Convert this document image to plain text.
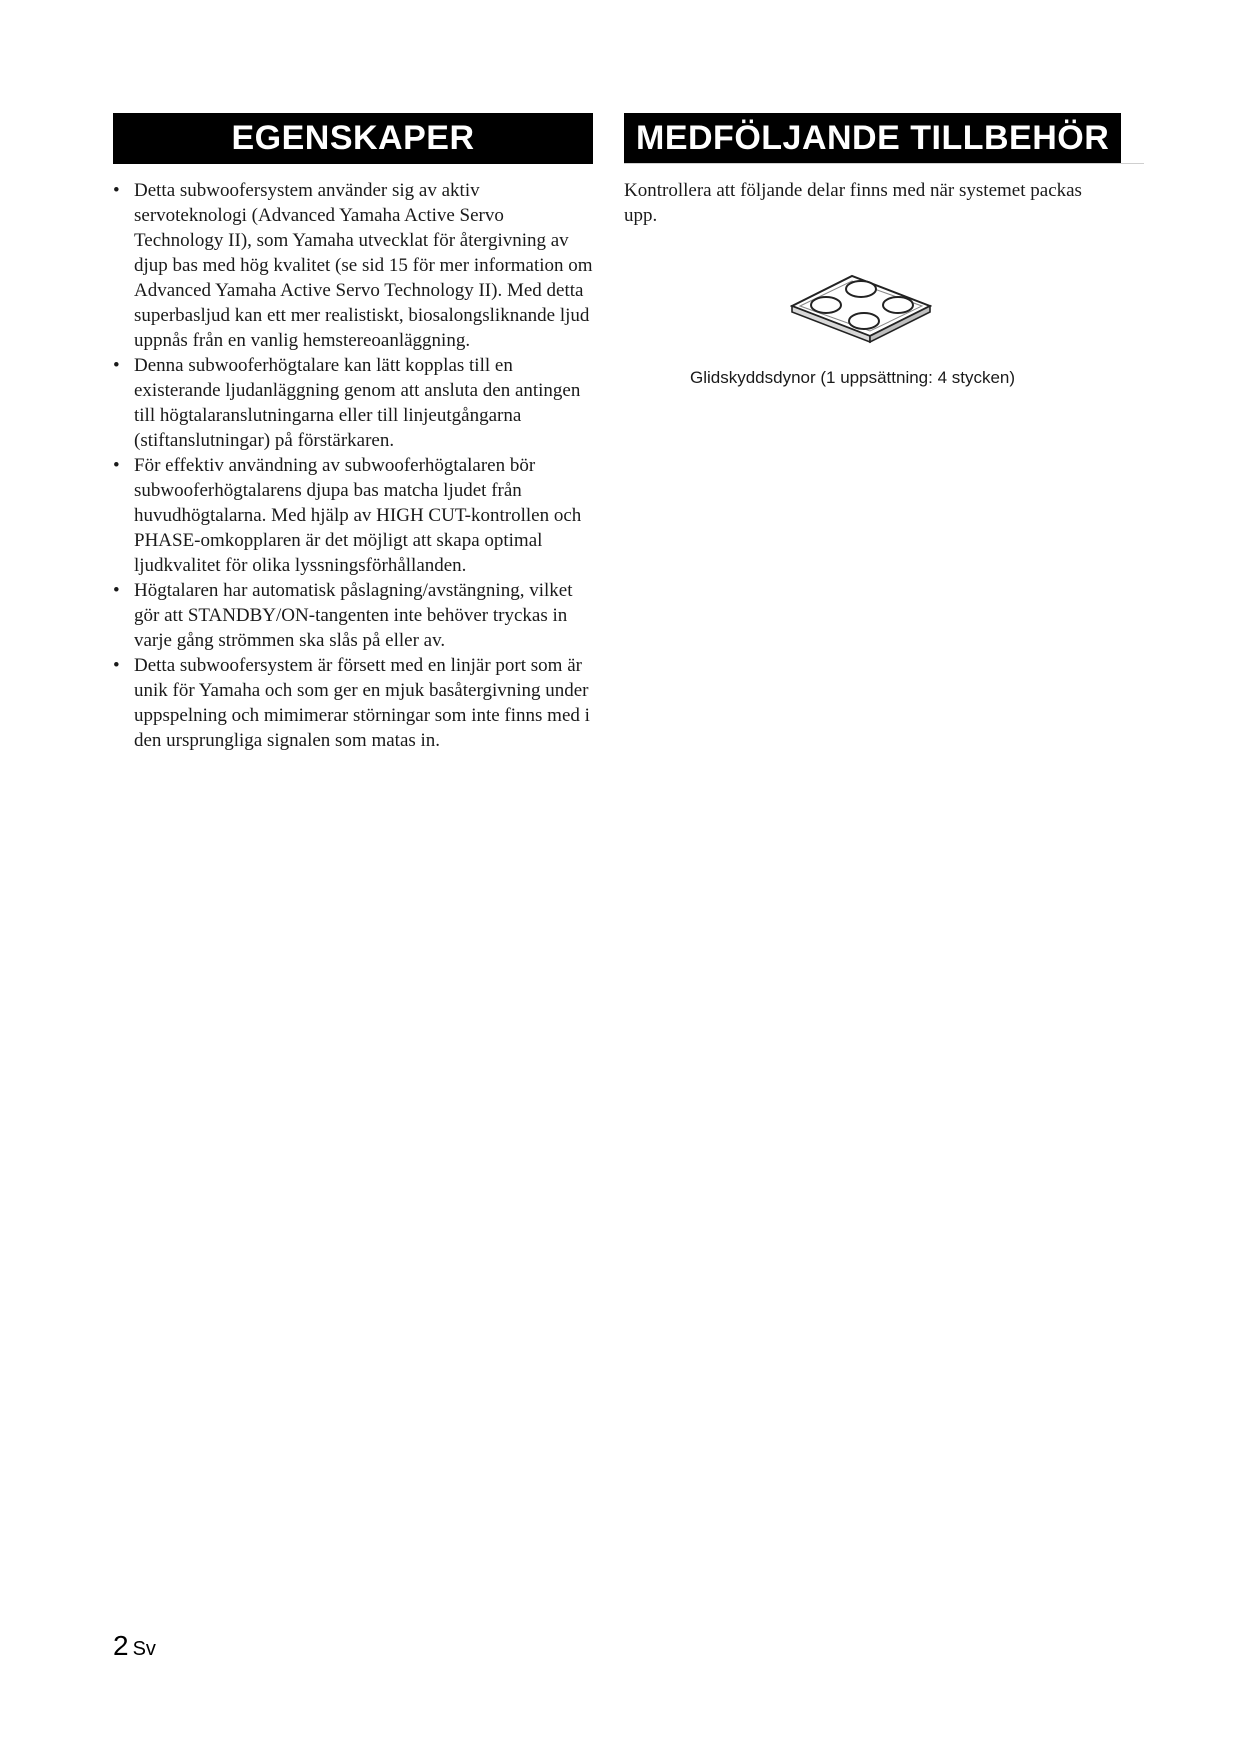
EGENSKAPER
• Detta subwoofersystem använder sig av aktiv servoteknologi (Advanced Yamaha Active Servo Technology II), som Yamaha utvecklat för återgivning av djup bas med hög kvalitet (se sid 15 för mer information om Advanced Yamaha Active Servo Technology II). Med detta superbasljud kan ett mer realistiskt, biosalongsliknande ljud uppnås från en vanlig hemstereoanläggning.
• Denna subwooferhögtalare kan lätt kopplas till en existerande ljudanläggning genom att ansluta den antingen till högtalaranslutningarna eller till linjeutgångarna (stiftanslutningar) på förstärkaren.
• För effektiv användning av subwooferhögtalaren bör subwooferhögtalarens djupa bas matcha ljudet från huvudhögtalarna. Med hjälp av HIGH CUT-kontrollen och PHASE-omkopplaren är det möjligt att skapa optimal ljudkvalitet för olika lyssningsförhållanden.
• Högtalaren har automatisk påslagning/avstängning, vilket gör att STANDBY/ON-tangenten inte behöver tryckas in varje gång strömmen ska slås på eller av.
• Detta subwoofersystem är försett med en linjär port som är unik för Yamaha och som ger en mjuk basåtergivning under uppspelning och mimimerar störningar som inte finns med i den ursprungliga signalen som matas in.
MEDFÖLJANDE TILLBEHÖR

Kontrollera att följande delar finns med när systemet packas upp.

Glidskyddsdynor (1 uppsättning: 4 stycken)
2 Sv
